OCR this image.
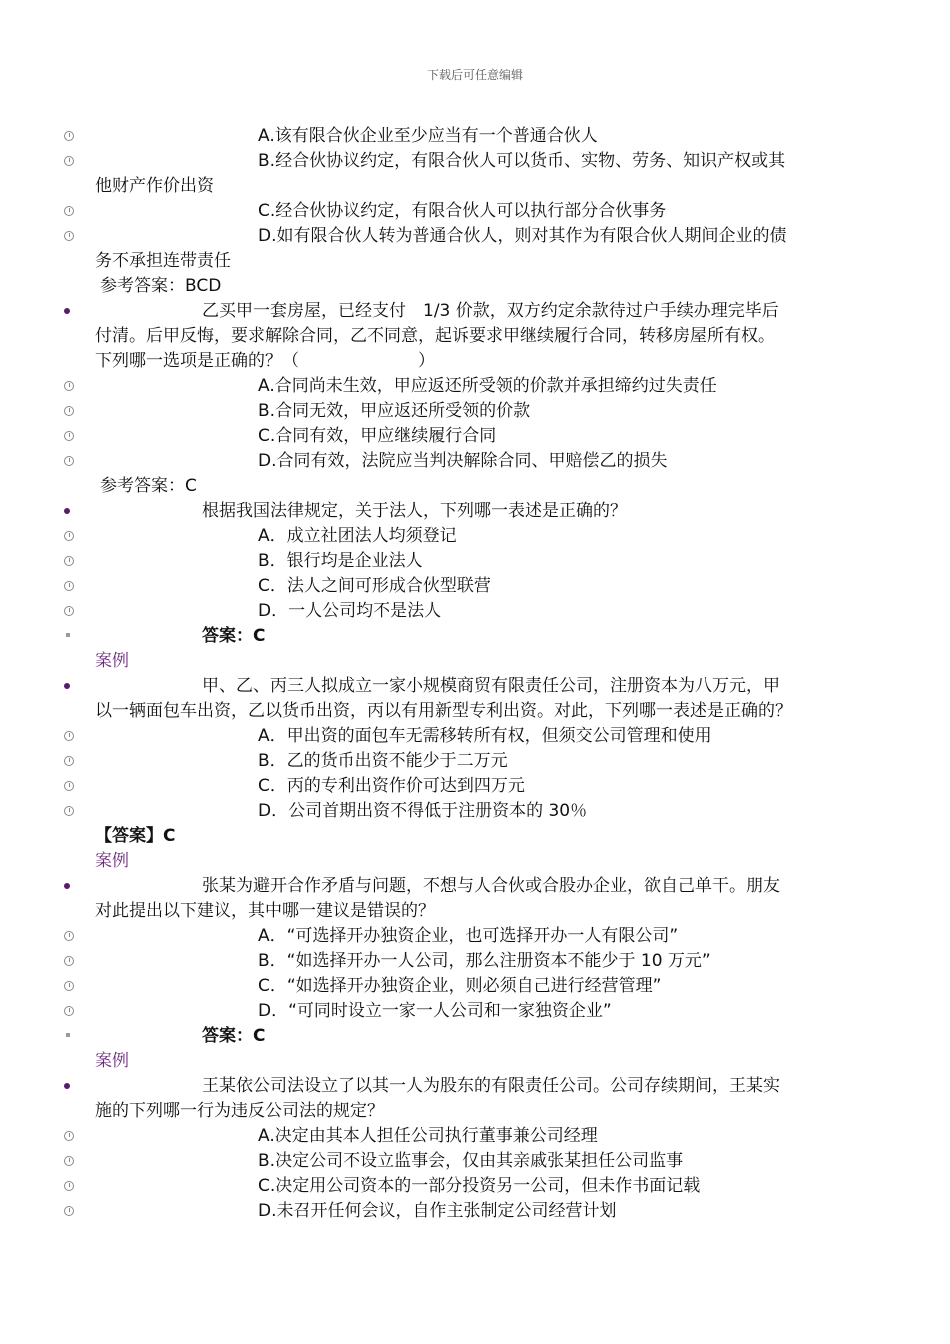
下载后可任意编辑
A.该有限合伙企业至少应当有一个普通合伙人
B.经合伙协议约定，有限合伙人可以货币、实物、劳务、知识产权或其
他财产作价出资
C.经合伙协议约定，有限合伙人可以执行部分合伙事务
D.如有限合伙人转为普通合伙人，则对其作为有限合伙人期间企业的债
务不承担连带责任
参考答案：BCD
乙买甲一套房屋，已经支付　1/3 价款，双方约定余款待过户手续办理完毕后
付清。后甲反悔，要求解除合同，乙不同意，起诉要求甲继续履行合同，转移房屋所有权。
下列哪一选项是正确的？（　　　　　　　）
A.合同尚未生效，甲应返还所受领的价款并承担缔约过失责任
B.合同无效，甲应返还所受领的价款
C.合同有效，甲应继续履行合同
D.合同有效，法院应当判决解除合同、甲赔偿乙的损失
参考答案：C
根据我国法律规定，关于法人，下列哪一表述是正确的？
A．成立社团法人均须登记
B．银行均是企业法人
C．法人之间可形成合伙型联营
D．一人公司均不是法人
答案：C
案例
甲、乙、丙三人拟成立一家小规模商贸有限责任公司，注册资本为八万元，甲
以一辆面包车出资，乙以货币出资，丙以有用新型专利出资。对此，下列哪一表述是正确的？
A．甲出资的面包车无需移转所有权，但须交公司管理和使用
B．乙的货币出资不能少于二万元
C．丙的专利出资作价可达到四万元
D．公司首期出资不得低于注册资本的 30％
【答案】C
案例
张某为避开合作矛盾与问题，不想与人合伙或合股办企业，欲自己单干。朋友
对此提出以下建议，其中哪一建议是错误的？
A．“可选择开办独资企业，也可选择开办一人有限公司”
B．“如选择开办一人公司，那么注册资本不能少于 10 万元”
C．“如选择开办独资企业，则必须自己进行经营管理”
D．“可同时设立一家一人公司和一家独资企业”
答案：C
案例
王某依公司法设立了以其一人为股东的有限责任公司。公司存续期间，王某实
施的下列哪一行为违反公司法的规定？
A.决定由其本人担任公司执行董事兼公司经理
B.决定公司不设立监事会，仅由其亲戚张某担任公司监事
C.决定用公司资本的一部分投资另一公司，但未作书面记载
D.未召开任何会议，自作主张制定公司经营计划
